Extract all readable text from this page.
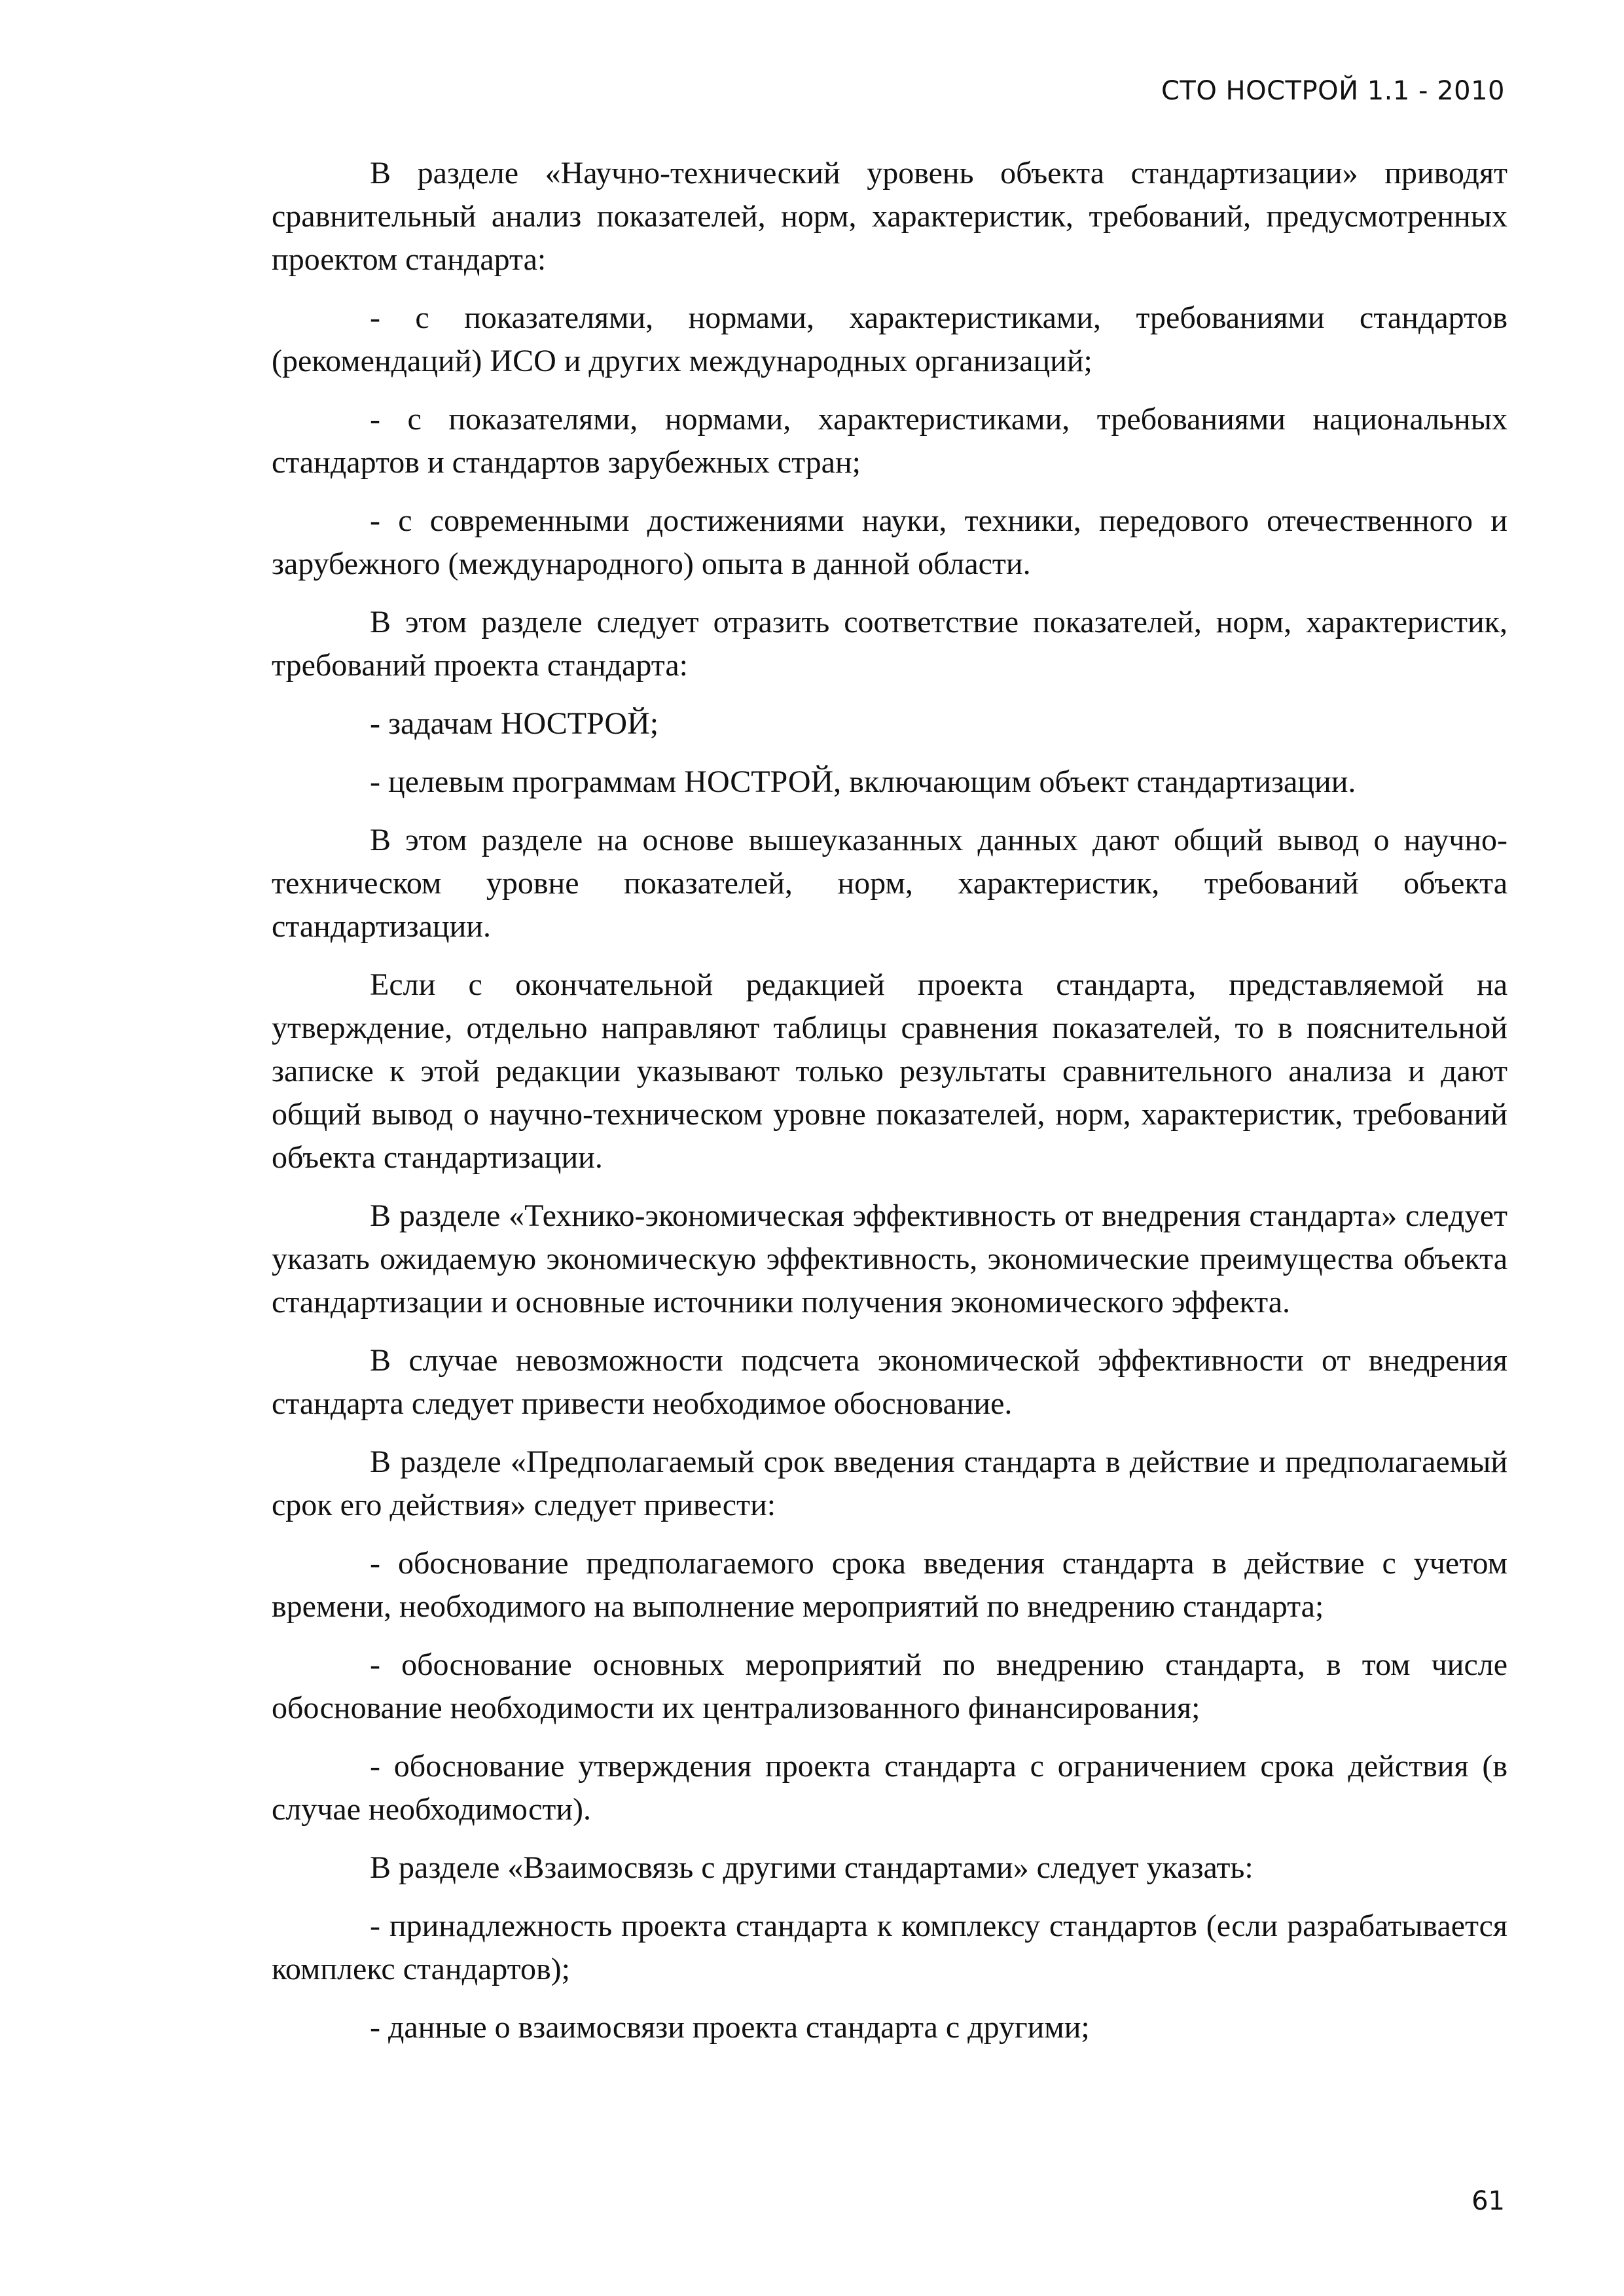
СТО НОСТРОЙ 1.1 - 2010

В разделе «Научно-технический уровень объекта стандартизации» приводят сравнительный анализ показателей, норм, характеристик, требований, предусмотренных проектом стандарта:

- с показателями, нормами, характеристиками, требованиями стандартов (рекомендаций) ИСО и других международных организаций;

- с показателями, нормами, характеристиками, требованиями национальных стандартов и стандартов зарубежных стран;

- с современными достижениями науки, техники, передового отечественного и зарубежного (международного) опыта в данной области.

В этом разделе следует отразить соответствие показателей, норм, характеристик, требований проекта стандарта:

- задачам НОСТРОЙ;

- целевым программам НОСТРОЙ, включающим объект стандартизации.

В этом разделе на основе вышеуказанных данных дают общий вывод о научно-техническом уровне показателей, норм, характеристик, требований объекта стандартизации.

Если с окончательной редакцией проекта стандарта, представляемой на утверждение, отдельно направляют таблицы сравнения показателей, то в пояснительной записке к этой редакции указывают только результаты сравнительного анализа и дают общий вывод о научно-техническом уровне показателей, норм, характеристик, требований объекта стандартизации.

В разделе «Технико-экономическая эффективность от внедрения стандарта» следует указать ожидаемую экономическую эффективность, экономические преимущества объекта стандартизации и основные источники получения экономического эффекта.

В случае невозможности подсчета экономической эффективности от внедрения стандарта следует привести необходимое обоснование.

В разделе «Предполагаемый срок введения стандарта в действие и предполагаемый срок его действия» следует привести:

- обоснование предполагаемого срока введения стандарта в действие с учетом времени, необходимого на выполнение мероприятий по внедрению стандарта;

- обоснование основных мероприятий по внедрению стандарта, в том числе обоснование необходимости их централизованного финансирования;

- обоснование утверждения проекта стандарта с ограничением срока действия (в случае необходимости).

В разделе «Взаимосвязь с другими стандартами» следует указать:

- принадлежность проекта стандарта к комплексу стандартов (если разрабатывается комплекс стандартов);

- данные о взаимосвязи проекта стандарта с другими;

61
